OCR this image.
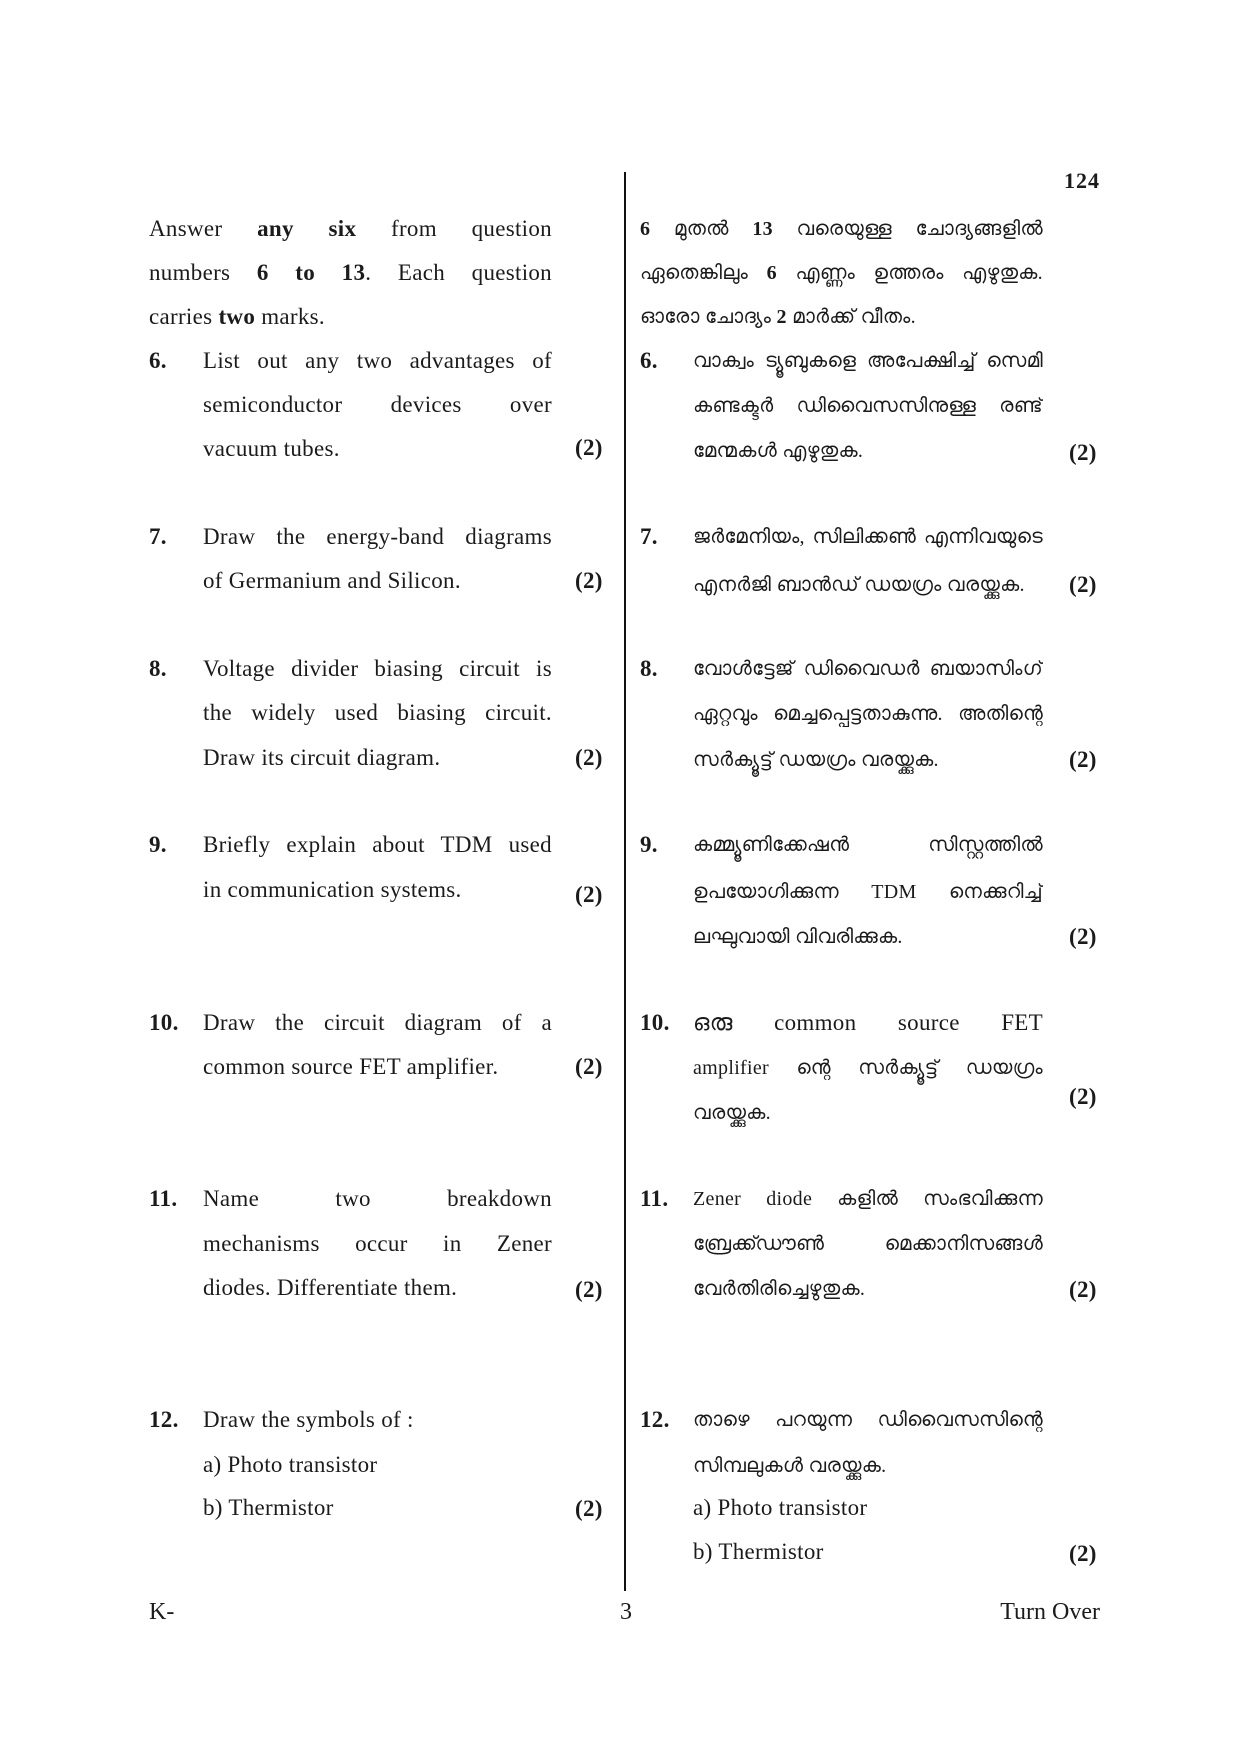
124
Answer any six from question
numbers 6 to 13. Each question
carries two marks.
6.	List out any two advantages of
semiconductor devices over
vacuum tubes.	(2)
7.	Draw the energy-band diagrams
of Germanium and Silicon.	(2)
8.	Voltage divider biasing circuit is
the widely used biasing circuit.
Draw its circuit diagram.	(2)
9.	Briefly explain about TDM used
in communication systems.	(2)
10.	Draw the circuit diagram of a
common source FET amplifier.	(2)
11.	Name two breakdown
mechanisms occur in Zener
diodes. Differentiate them.	(2)
12.	Draw the symbols of :
a) Photo transistor
b) Thermistor	(2)
6 മുതൽ 13 വരെയുള്ള ചോദ്യങ്ങളിൽ
ഏതെങ്കിലും 6 എണ്ണം ഉത്തരം എഴുതുക.
ഓരോ ചോദ്യം 2 മാർക്ക് വീതം.
6.	വാക്വം ട്യൂബുകളെ അപേക്ഷിച്ച് സെമി
കണ്ടക്ടർ ഡിവൈസസിനുള്ള രണ്ട്
മേന്മകൾ എഴുതുക.	(2)
7.	ജർമേനിയം, സിലിക്കൺ എന്നിവയുടെ
എനർജി ബാൻഡ് ഡയഗ്രം വരയ്ക്കുക.	(2)
8.	വോൾട്ടേജ് ഡിവൈഡർ ബയാസിംഗ്
ഏറ്റവും മെച്ചപ്പെട്ടതാകുന്നു. അതിന്റെ
സർക്യൂട്ട് ഡയഗ്രം വരയ്ക്കുക.	(2)
9.	കമ്മ്യൂണിക്കേഷൻ സിസ്റ്റത്തിൽ
ഉപയോഗിക്കുന്ന TDM നെക്കുറിച്ച്
ലഘുവായി വിവരിക്കുക.	(2)
10.	ഒരു common source FET
amplifier ന്റെ സർക്യൂട്ട് ഡയഗ്രം
വരയ്ക്കുക.
(2)
11.	Zener diode കളിൽ സംഭവിക്കുന്ന
ബ്രേക്ക്ഡൗൺ മെക്കാനിസങ്ങൾ
വേർതിരിച്ചെഴുതുക.	(2)
12.	താഴെ പറയുന്ന ഡിവൈസസിന്റെ
സിമ്പലുകൾ വരയ്ക്കുക.
a) Photo transistor
b) Thermistor	(2)
K-	3	Turn Over
